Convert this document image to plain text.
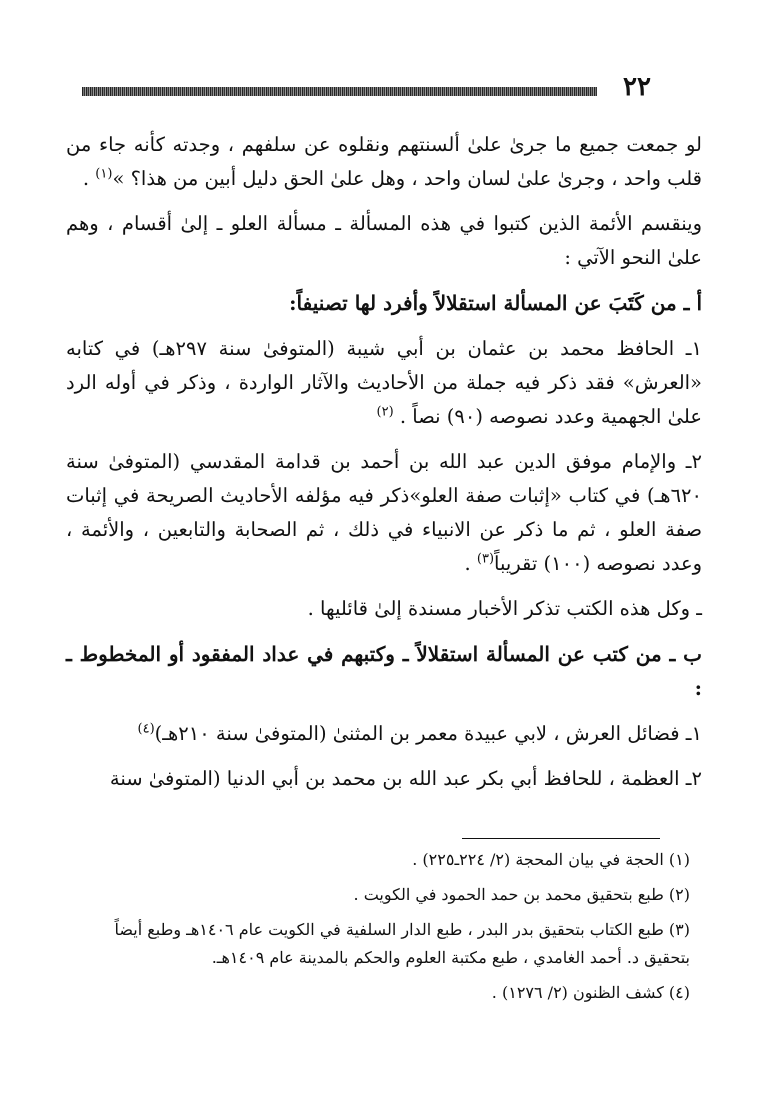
٢٢

لو جمعت جميع ما جرىٰ علىٰ ألسنتهم ونقلوه عن سلفهم ، وجدته كأنه جاء من قلب واحد ، وجرىٰ علىٰ لسان واحد ، وهل علىٰ الحق دليل أبين من هذا؟ »$^{(١)}$ .

وينقسم الأئمة الذين كتبوا في هذه المسألة ـ مسألة العلو ـ إلىٰ أقسام ، وهم علىٰ النحو الآتي :

أ ـ من كَتَبَ عن المسألة استقلالاً وأفرد لها تصنيفاً:

١ـ الحافظ محمد بن عثمان بن أبي شيبة (المتوفىٰ سنة ٢٩٧هـ) في كتابه «العرش» فقد ذكر فيه جملة من الأحاديث والآثار الواردة ، وذكر في أوله الرد علىٰ الجهمية وعدد نصوصه (٩٠) نصاً . $^{(٢)}$

٢ـ والإمام موفق الدين عبد الله بن أحمد بن قدامة المقدسي (المتوفىٰ سنة ٦٢٠هـ) في كتاب «إثبات صفة العلو»ذكر فيه مؤلفه الأحاديث الصريحة في إثبات صفة العلو ، ثم ما ذكر عن الانبياء في ذلك ، ثم الصحابة والتابعين ، والأئمة ، وعدد نصوصه (١٠٠) تقريباً$^{(٣)}$ .

ـ وكل هذه الكتب تذكر الأخبار مسندة إلىٰ قائليها .

ب ـ من كتب عن المسألة استقلالاً ـ وكتبهم في عداد المفقود أو المخطوط ـ :

١ـ فضائل العرش ، لابي عبيدة معمر بن المثنىٰ (المتوفىٰ سنة ٢١٠هـ)$^{(٤)}$

٢ـ العظمة ، للحافظ أبي بكر عبد الله بن محمد بن أبي الدنيا (المتوفىٰ سنة

(١) الحجة في بيان المحجة (٢/ ٢٢٤ـ٢٢٥) .

(٢) طبع بتحقيق محمد بن حمد الحمود في الكويت .

(٣) طبع الكتاب بتحقيق بدر البدر ، طبع الدار السلفية في الكويت عام ١٤٠٦هـ وطبع أيضاً بتحقيق د. أحمد الغامدي ، طبع مكتبة العلوم والحكم بالمدينة عام ١٤٠٩هـ.

(٤) كشف الظنون (٢/ ١٢٧٦) .
